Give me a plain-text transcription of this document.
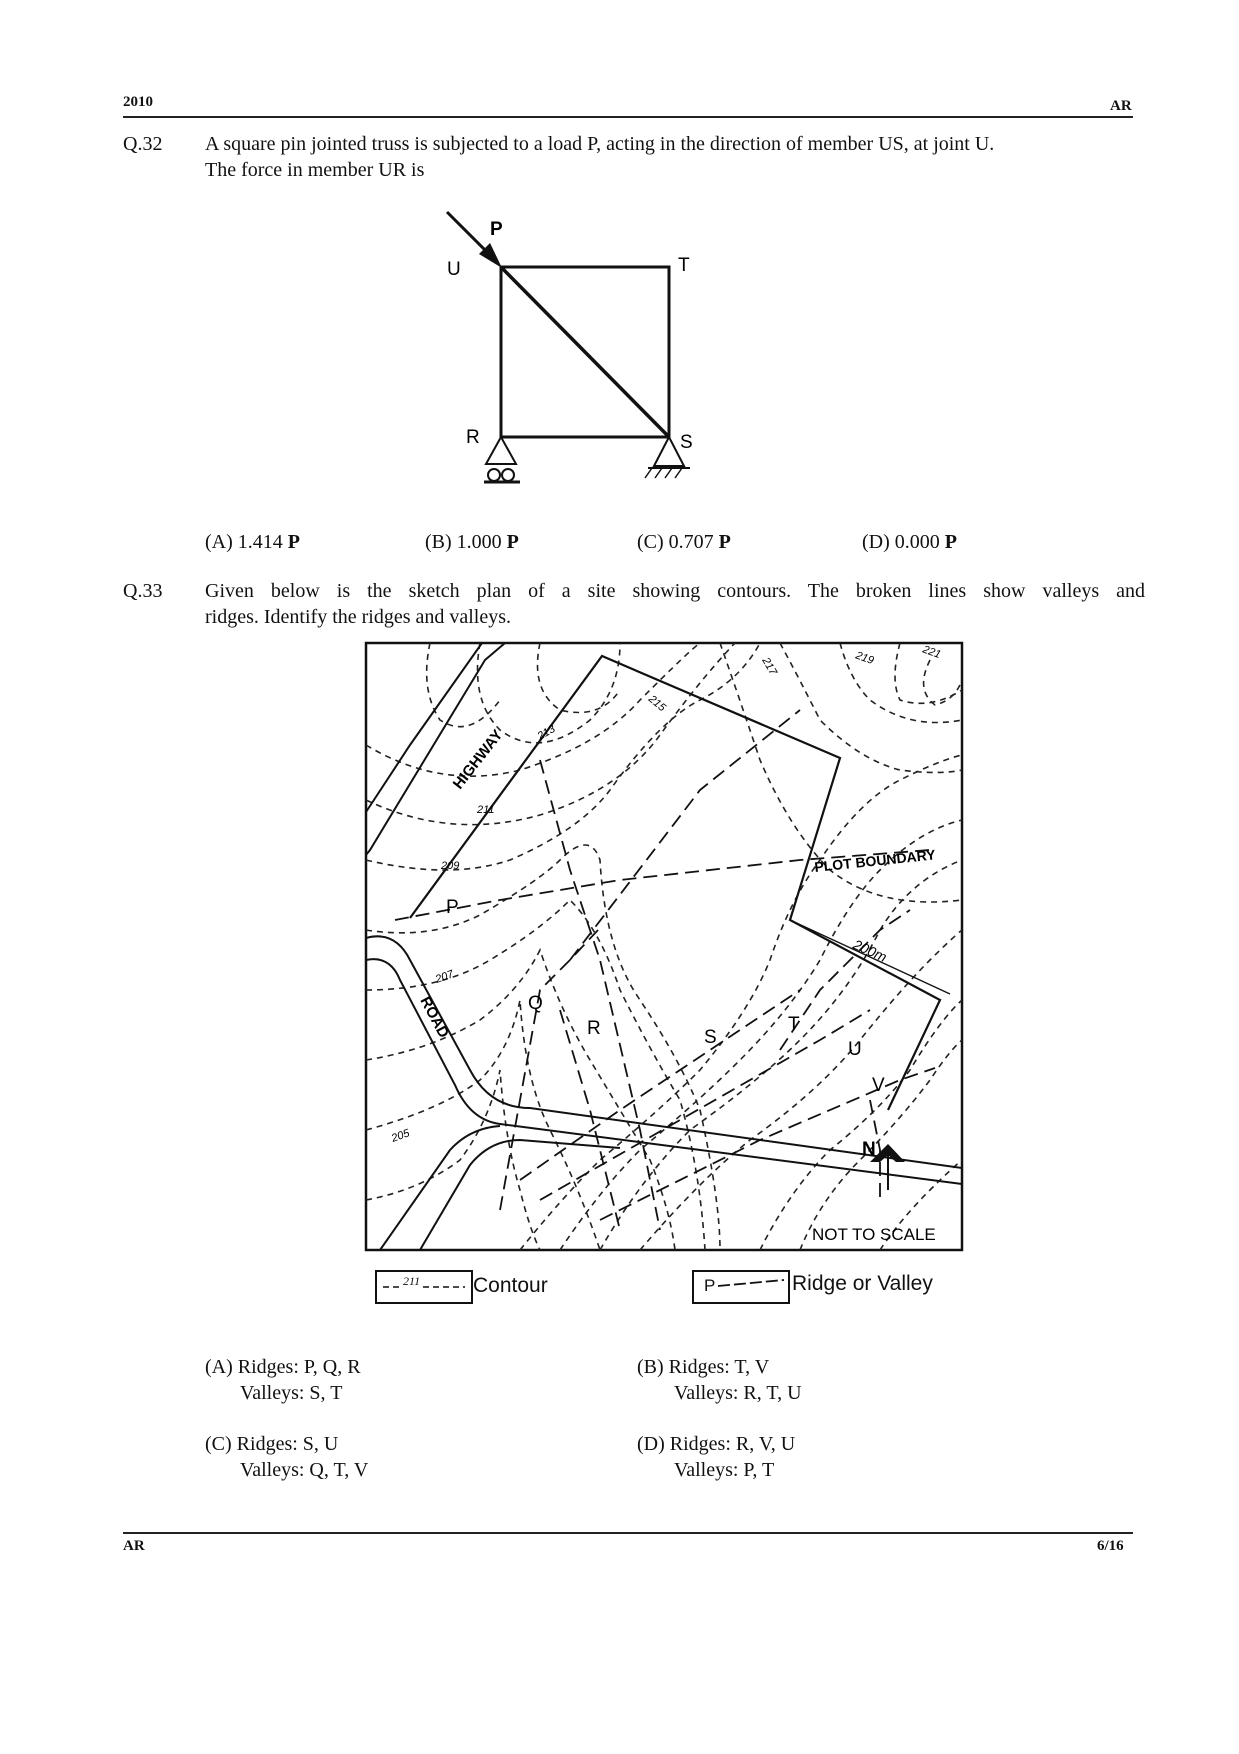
2010	AR
Q.32 A square pin jointed truss is subjected to a load P, acting in the direction of member US, at joint U.
The force in member UR is
P
U	T
R	S
(A) 1.414 P	(B) 1.000 P	(C) 0.707 P	(D) 0.000 P
Q.33 Given below is the sketch plan of a site showing contours. The broken lines show valleys and
ridges. Identify the ridges and valleys.
HIGHWAY
ROAD
PLOT BOUNDARY
200m
N
NOT TO SCALE
213
211
209
207
205
215
217	219	221
P
Q
R	S
T
U
V
211	Contour	P	Ridge or Valley
(A) Ridges: P, Q, R
Valleys: S, T
(B) Ridges: T, V
Valleys: R, T, U
(C) Ridges: S, U
Valleys: Q, T, V
(D) Ridges: R, V, U
Valleys: P, T
AR	6/16
